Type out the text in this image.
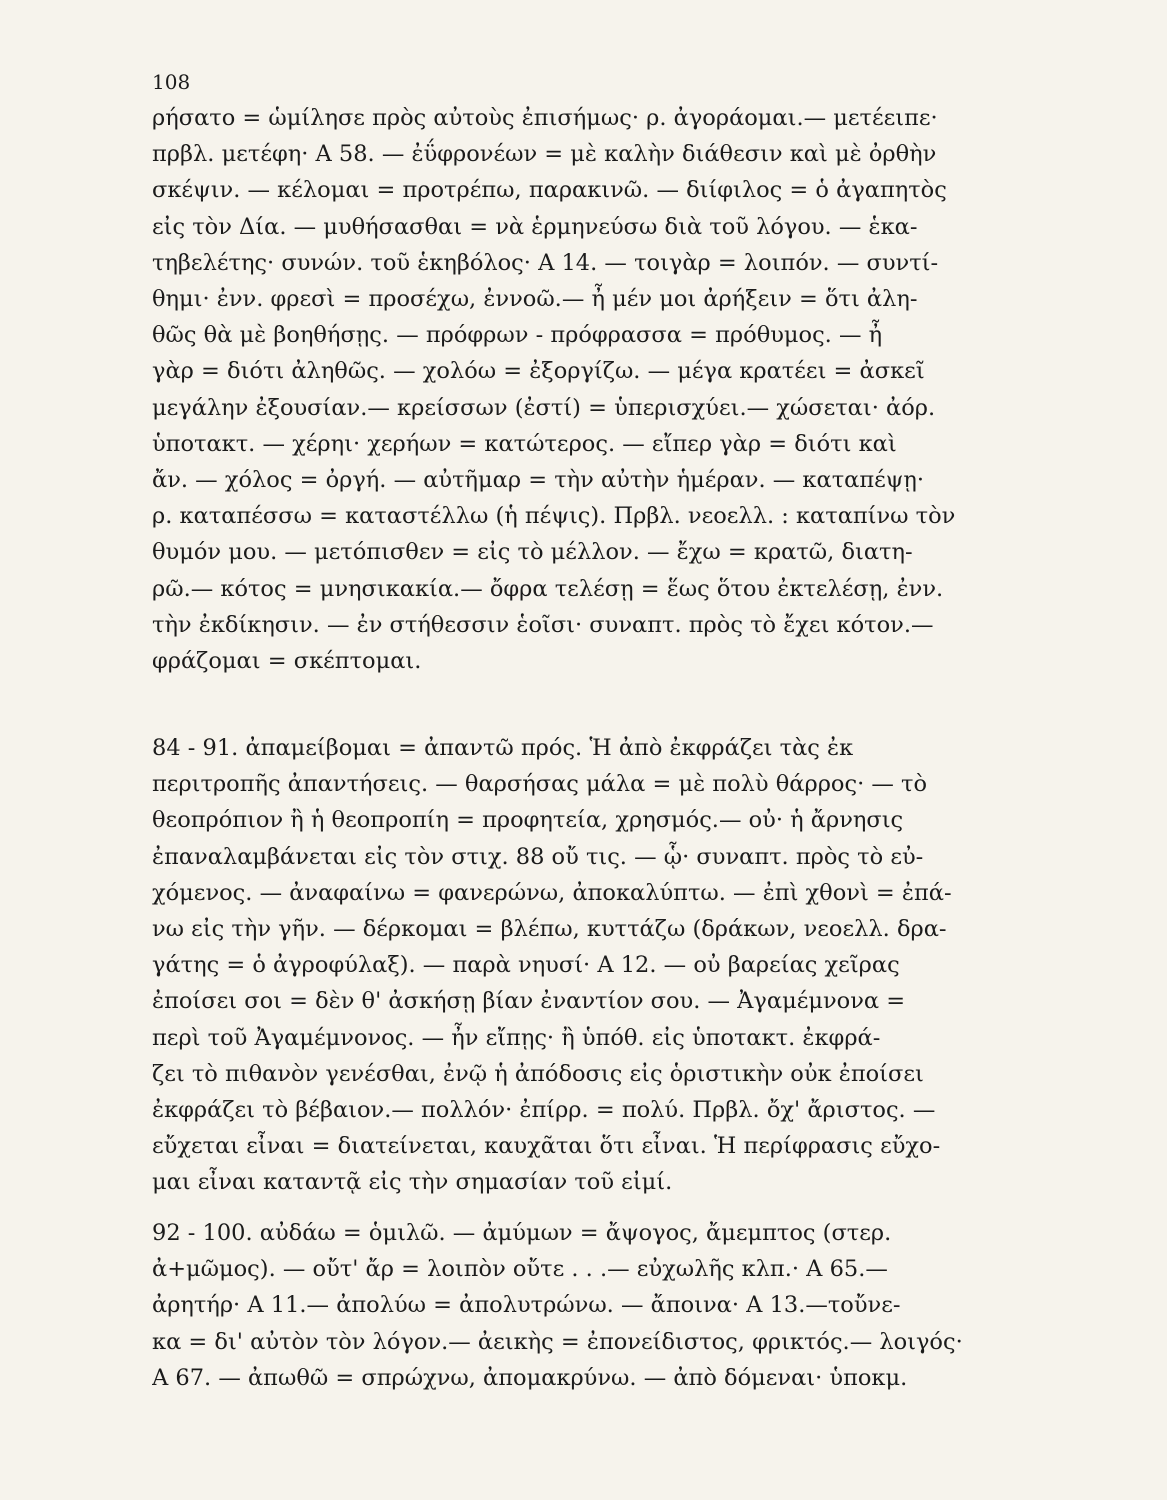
108
ρήσατο = ὡμίλησε πρὸς αὐτοὺς ἐπισήμως· ρ. ἀγοράομαι.— μετέειπε·
πρβλ. μετέφη· Α 58. — ἐΰφρονέων = μὲ καλὴν διάθεσιν καὶ μὲ ὀρθὴν
σκέψιν. — κέλομαι = προτρέπω, παρακινῶ. — διίφιλος = ὁ ἀγαπητὸς
εἰς τὸν Δία. — μυθήσασθαι = νὰ ἑρμηνεύσω διὰ τοῦ λόγου. — ἑκα-
τηβελέτης· συνών. τοῦ ἑκηβόλος· Α 14. — τοιγὰρ = λοιπόν. — συντί-
θημι· ἐνν. φρεσὶ = προσέχω, ἐννοῶ.— ἦ μέν μοι ἀρήξειν = ὅτι ἀλη-
θῶς θὰ μὲ βοηθήσῃς. — πρόφρων - πρόφρασσα = πρόθυμος. — ἦ
γὰρ = διότι ἀληθῶς. — χολόω = ἐξοργίζω. — μέγα κρατέει = ἀσκεῖ
μεγάλην ἐξουσίαν.— κρείσσων (ἐστί) = ὑπερισχύει.— χώσεται· ἀόρ.
ὑποτακτ. — χέρηι· χερήων = κατώτερος. — εἴπερ γὰρ = διότι καὶ
ἄν. — χόλος = ὀργή. — αὐτῆμαρ = τὴν αὐτὴν ἡμέραν. — καταπέψῃ·
ρ. καταπέσσω = καταστέλλω (ἡ πέψις). Πρβλ. νεοελλ. : καταπίνω τὸν
θυμόν μου. — μετόπισθεν = εἰς τὸ μέλλον. — ἔχω = κρατῶ, διατη-
ρῶ.— κότος = μνησικακία.— ὄφρα τελέσῃ = ἕως ὅτου ἐκτελέσῃ, ἐνν.
τὴν ἐκδίκησιν. — ἐν στήθεσσιν ἑοῖσι· συναπτ. πρὸς τὸ ἔχει κότον.—
φράζομαι = σκέπτομαι.
84 - 91. ἀπαμείβομαι = ἀπαντῶ πρός. Ἡ ἀπὸ ἐκφράζει τὰς ἐκ
περιτροπῆς ἀπαντήσεις. — θαρσήσας μάλα = μὲ πολὺ θάρρος· — τὸ
θεοπρόπιον ἢ ἡ θεοπροπίη = προφητεία, χρησμός.— οὐ· ἡ ἄρνησις
ἐπαναλαμβάνεται εἰς τὸν στιχ. 88 οὔ τις. — ᾧ· συναπτ. πρὸς τὸ εὐ-
χόμενος. — ἀναφαίνω = φανερώνω, ἀποκαλύπτω. — ἐπὶ χθονὶ = ἐπά-
νω εἰς τὴν γῆν. — δέρκομαι = βλέπω, κυττάζω (δράκων, νεοελλ. δρα-
γάτης = ὁ ἀγροφύλαξ). — παρὰ νηυσί· Α 12. — οὐ βαρείας χεῖρας
ἐποίσει σοι = δὲν θ' ἀσκήσῃ βίαν ἐναντίον σου. — Ἀγαμέμνονα =
περὶ τοῦ Ἀγαμέμνονος. — ἦν εἴπῃς· ἢ ὑπόθ. εἰς ὑποτακτ. ἐκφρά-
ζει τὸ πιθανὸν γενέσθαι, ἐνῷ ἡ ἀπόδοσις εἰς ὁριστικὴν οὐκ ἐποίσει
ἐκφράζει τὸ βέβαιον.— πολλόν· ἐπίρρ. = πολύ. Πρβλ. ὄχ' ἄριστος. —
εὔχεται εἶναι = διατείνεται, καυχᾶται ὅτι εἶναι. Ἡ περίφρασις εὔχο-
μαι εἶναι καταντᾷ εἰς τὴν σημασίαν τοῦ εἰμί.
92 - 100. αὐδάω = ὁμιλῶ. — ἀμύμων = ἄψογος, ἄμεμπτος (στερ.
ἀ+μῶμος). — οὔτ' ἄρ = λοιπὸν οὔτε . . .— εὐχωλῆς κλπ.· Α 65.—
ἀρητήρ· Α 11.— ἀπολύω = ἀπολυτρώνω. — ἄποινα· Α 13.—τοὔνε-
κα = δι' αὐτὸν τὸν λόγον.— ἀεικὴς = ἐπονείδιστος, φρικτός.— λοιγός·
Α 67. — ἀπωθῶ = σπρώχνω, ἀπομακρύνω. — ἀπὸ δόμεναι· ὑποκμ.
